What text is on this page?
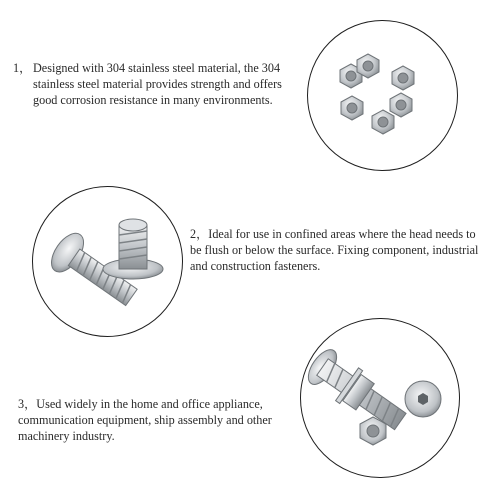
1， Designed with 304 stainless steel material, the 304 stainless steel material provides strength and offers good corrosion resistance in many environments.
2，Ideal for use in confined areas where the head needs to be flush or below the surface. Fixing component, industrial and construction fasteners.
3，Used widely in the home and office appliance, communication equipment, ship assembly and other machinery industry.
